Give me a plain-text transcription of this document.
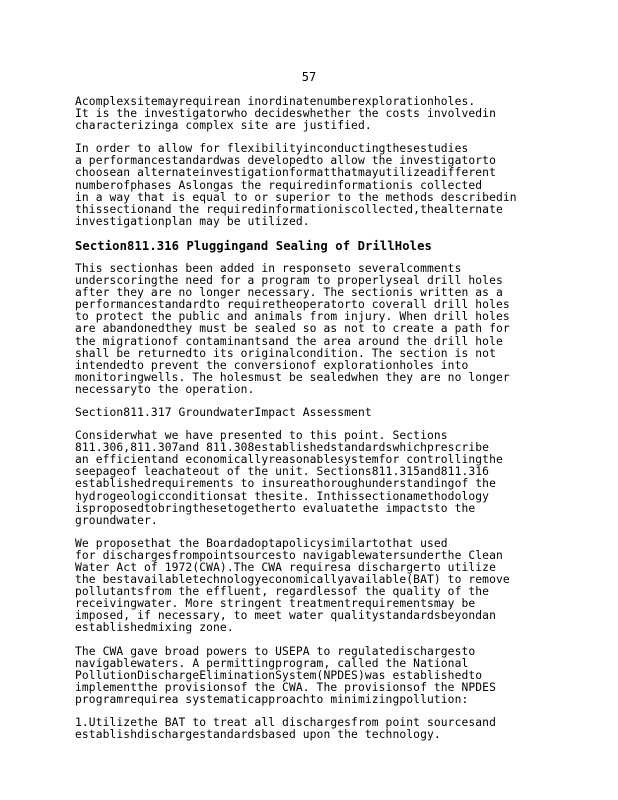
57

Acomplexsitemayrequirean inordinatenumberexplorationholes.
It is the investigatorwho decideswhether the costs involvedin
characterizinga complex site are justified.

In order to allow for flexibilityinconductingthesestudies
a performancestandardwas developedto allow the investigatorto
choosean alternateinvestigationformatthatmayutilizeadifferent
numberofphases Aslongas the requiredinformationis collected
in a way that is equal to or superior to the methods describedin
thissectionand the requiredinformationiscollected,thealternate
investigationplan may be utilized.

Section811.316 Pluggingand Sealing of DrillHoles

This sectionhas been added in responseto severalcomments
underscoringthe need for a program to properlyseal drill holes
after they are no longer necessary. The sectionis written as a
performancestandardto requiretheoperatorto coverall drill holes
to protect the public and animals from injury. When drill holes
are abandonedthey must be sealed so as not to create a path for
the migrationof contaminantsand the area around the drill hole
shall be returnedto its originalcondition. The section is not
intendedto prevent the conversionof explorationholes into
monitoringwells. The holesmust be sealedwhen they are no longer
necessaryto the operation.

Section811.317 GroundwaterImpact Assessment

Considerwhat we have presented to this point. Sections
811.306,811.307and 811.308establishedstandardswhichprescribe
an efficientand economicallyreasonablesystemfor controllingthe
seepageof leachateout of the unit. Sections811.315and811.316
establishedrequirements to insureathoroughunderstandingof the
hydrogeologicconditionsat thesite. Inthissectionamethodology
isproposedtobringthesetogetherto evaluatethe impactsto the
groundwater.

We proposethat the Boardadoptapolicysimilartothat used
for dischargesfrompointsourcesto navigablewatersunderthe Clean
Water Act of 1972(CWA).The CWA requiresa dischargerto utilize
the bestavailabletechnologyeconomicallyavailable(BAT) to remove
pollutantsfrom the effluent, regardlessof the quality of the
receivingwater. More stringent treatmentrequirementsmay be
imposed, if necessary, to meet water qualitystandardsbeyondan
establishedmixing zone.

The CWA gave broad powers to USEPA to regulatedischargesto
navigablewaters. A permittingprogram, called the National
PollutionDischargeEliminationSystem(NPDES)was establishedto
implementthe provisionsof the CWA. The provisionsof the NPDES
programrequirea systematicapproachto minimizingpollution:

1.Utilizethe BAT to treat all dischargesfrom point sourcesand
establishdischargestandardsbased upon the technology.
